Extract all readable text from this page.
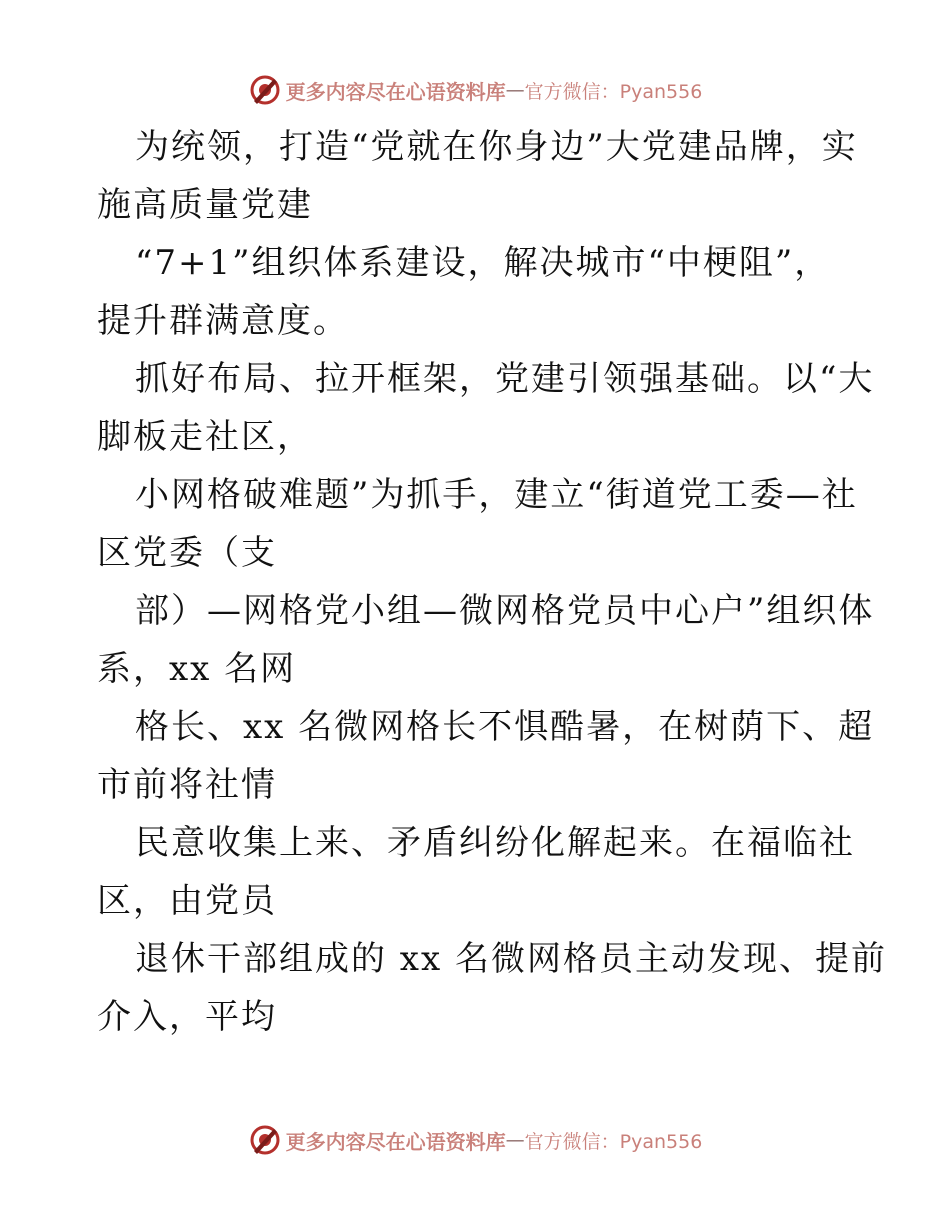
更多内容尽在心语资料库 — 官方微信：Pyan556
为统领，打造“党就在你身边”大党建品牌，实
施高质量党建
“7+1”组织体系建设，解决城市“中梗阻”，
提升群满意度。
抓好布局、拉开框架，党建引领强基础。以“大
脚板走社区，
小网格破难题”为抓手，建立“街道党工委—社
区党委（支
部）—网格党小组—微网格党员中心户”组织体
系，xx 名网
格长、xx 名微网格长不惧酷暑，在树荫下、超
市前将社情
民意收集上来、矛盾纠纷化解起来。在福临社
区，由党员
退休干部组成的 xx 名微网格员主动发现、提前
介入，平均
更多内容尽在心语资料库 — 官方微信：Pyan556
